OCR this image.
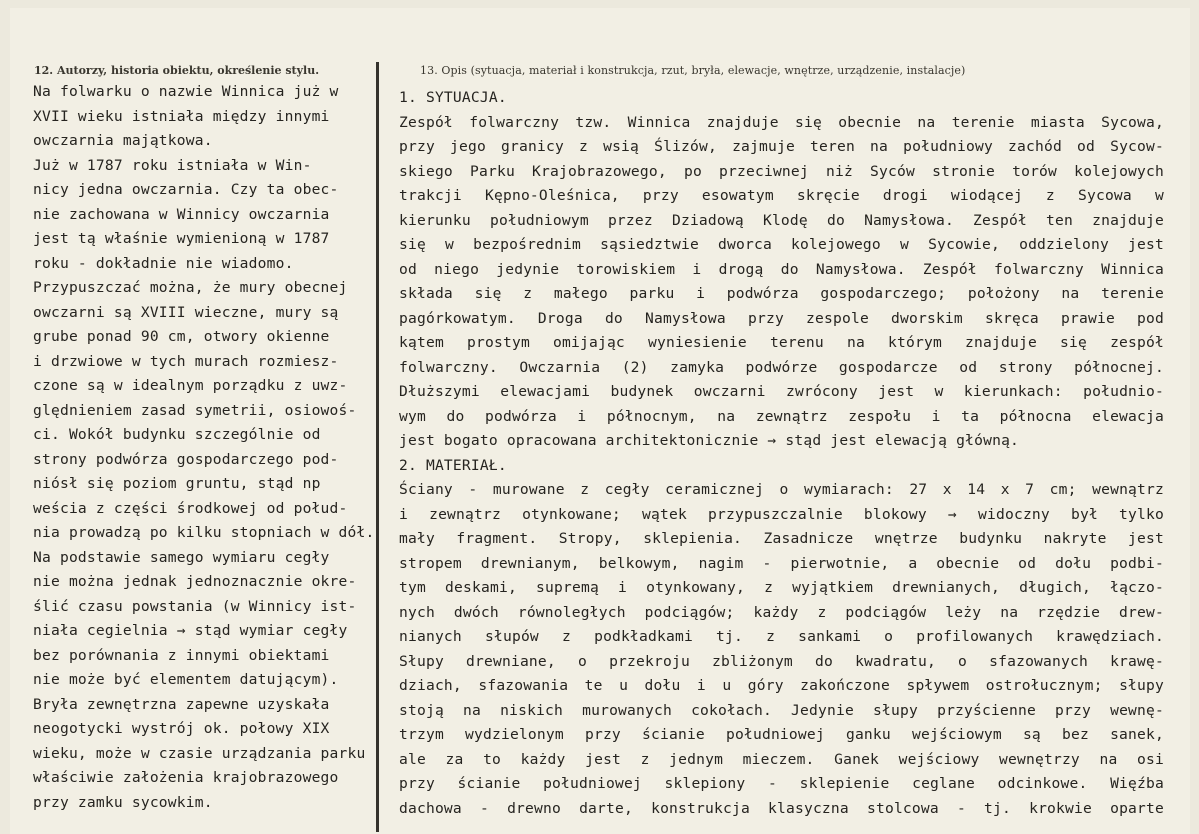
12. Autorzy, historia obiektu, określenie stylu.	13. Opis (sytuacja, materiał i konstrukcja, rzut, bryła, elewacje, wnętrze, urządzenie, instalacje)
Na folwarku o nazwie Winnica już w
XVII wieku istniała między innymi
owczarnia majątkowa.
Już w 1787 roku istniała w Win-
nicy jedna owczarnia. Czy ta obec-
nie zachowana w Winnicy owczarnia
jest tą właśnie wymienioną w 1787
roku - dokładnie nie wiadomo.
Przypuszczać można, że mury obecnej
owczarni są XVIII wieczne, mury są
grube ponad 90 cm, otwory okienne
i drzwiowe w tych murach rozmiesz-
czone są w idealnym porządku z uwz-
ględnieniem zasad symetrii, osiowoś-
ci. Wokół budynku szczególnie od
strony podwórza gospodarczego pod-
niósł się poziom gruntu, stąd np
weścia z części środkowej od połud-
nia prowadzą po kilku stopniach w dół.
Na podstawie samego wymiaru cegły
nie można jednak jednoznacznie okre-
ślić czasu powstania (w Winnicy ist-
niała cegielnia → stąd wymiar cegły
bez porównania z innymi obiektami
nie może być elementem datującym).
Bryła zewnętrzna zapewne uzyskała
neogotycki wystrój ok. połowy XIX
wieku, może w czasie urządzania parku
właściwie założenia krajobrazowego
przy zamku sycowkim.
1. SYTUACJA.
Zespół folwarczny tzw. Winnica znajduje się obecnie na terenie miasta Sycowa,
przy jego granicy z wsią Ślizów, zajmuje teren na południowy zachód od Sycow-
skiego Parku Krajobrazowego, po przeciwnej niż Syców stronie torów kolejowych
trakcji Kępno-Oleśnica, przy esowatym skręcie drogi wiodącej z Sycowa w
kierunku południowym przez Dziadową Klodę do Namysłowa. Zespół ten znajduje
się w bezpośrednim sąsiedztwie dworca kolejowego w Sycowie, oddzielony jest
od niego jedynie torowiskiem i drogą do Namysłowa. Zespół folwarczny Winnica
składa się z małego parku i podwórza gospodarczego; położony na terenie
pagórkowatym. Droga do Namysłowa przy zespole dworskim skręca prawie pod
kątem prostym omijając wyniesienie terenu na którym znajduje się zespół
folwarczny. Owczarnia (2) zamyka podwórze gospodarcze od strony północnej.
Dłuższymi elewacjami budynek owczarni zwrócony jest w kierunkach: południo-
wym do podwórza i północnym, na zewnątrz zespołu i ta północna elewacja
jest bogato opracowana architektonicznie → stąd jest elewacją główną.
2. MATERIAŁ.
Ściany - murowane z cegły ceramicznej o wymiarach: 27 x 14 x 7 cm; wewnątrz
i zewnątrz otynkowane; wątek przypuszczalnie blokowy → widoczny był tylko
mały fragment. Stropy, sklepienia. Zasadnicze wnętrze budynku nakryte jest
stropem drewnianym, belkowym, nagim - pierwotnie, a obecnie od dołu podbi-
tym deskami, supremą i otynkowany, z wyjątkiem drewnianych, długich, łączo-
nych dwóch równoległych podciągów; każdy z podciągów leży na rzędzie drew-
nianych słupów z podkładkami tj. z sankami o profilowanych krawędziach.
Słupy drewniane, o przekroju zbliżonym do kwadratu, o sfazowanych krawę-
dziach, sfazowania te u dołu i u góry zakończone spływem ostrołucznym; słupy
stoją na niskich murowanych cokołach. Jedynie słupy przyścienne przy wewnę-
trzym wydzielonym przy ścianie południowej ganku wejściowym są bez sanek,
ale za to każdy jest z jednym mieczem. Ganek wejściowy wewnętrzy na osi
przy ścianie południowej sklepiony - sklepienie ceglane odcinkowe. Więźba
dachowa - drewno darte, konstrukcja klasyczna stolcowa - tj. krokwie oparte
